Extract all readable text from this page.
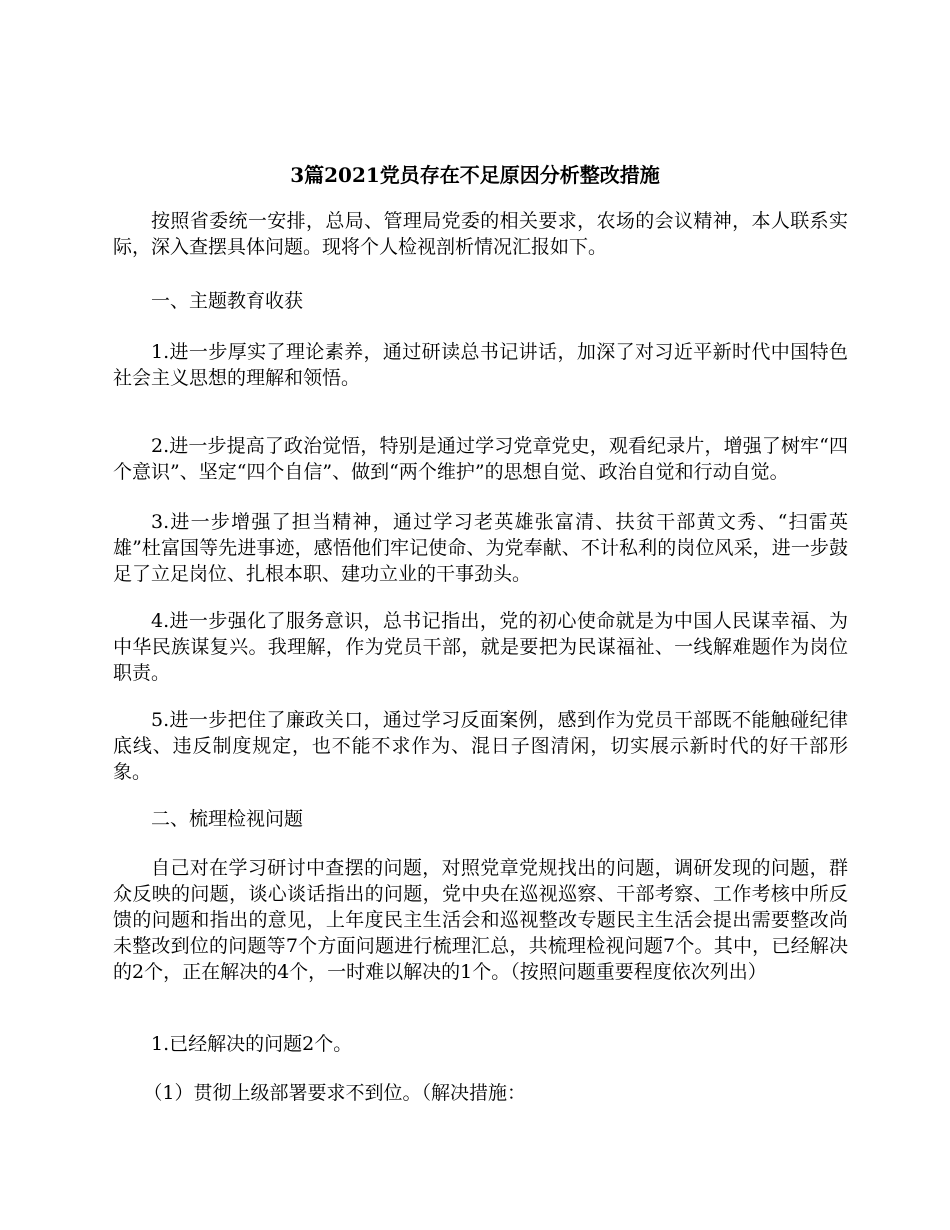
3篇2021党员存在不足原因分析整改措施
按照省委统一安排，总局、管理局党委的相关要求，农场的会议精神，本人联系实际，深入查摆具体问题。现将个人检视剖析情况汇报如下。
一、主题教育收获
1.进一步厚实了理论素养，通过研读总书记讲话，加深了对习近平新时代中国特色社会主义思想的理解和领悟。
2.进一步提高了政治觉悟，特别是通过学习党章党史，观看纪录片，增强了树牢“四个意识”、坚定“四个自信”、做到“两个维护”的思想自觉、政治自觉和行动自觉。
3.进一步增强了担当精神，通过学习老英雄张富清、扶贫干部黄文秀、“扫雷英雄”杜富国等先进事迹，感悟他们牢记使命、为党奉献、不计私利的岗位风采，进一步鼓足了立足岗位、扎根本职、建功立业的干事劲头。
4.进一步强化了服务意识，总书记指出，党的初心使命就是为中国人民谋幸福、为中华民族谋复兴。我理解，作为党员干部，就是要把为民谋福祉、一线解难题作为岗位职责。
5.进一步把住了廉政关口，通过学习反面案例，感到作为党员干部既不能触碰纪律底线、违反制度规定，也不能不求作为、混日子图清闲，切实展示新时代的好干部形象。
二、梳理检视问题
自己对在学习研讨中查摆的问题，对照党章党规找出的问题，调研发现的问题，群众反映的问题，谈心谈话指出的问题，党中央在巡视巡察、干部考察、工作考核中所反馈的问题和指出的意见，上年度民主生活会和巡视整改专题民主生活会提出需要整改尚未整改到位的问题等7个方面问题进行梳理汇总，共梳理检视问题7个。其中，已经解决的2个，正在解决的4个，一时难以解决的1个。（按照问题重要程度依次列出）
1.已经解决的问题2个。
（1）贯彻上级部署要求不到位。（解决措施：
